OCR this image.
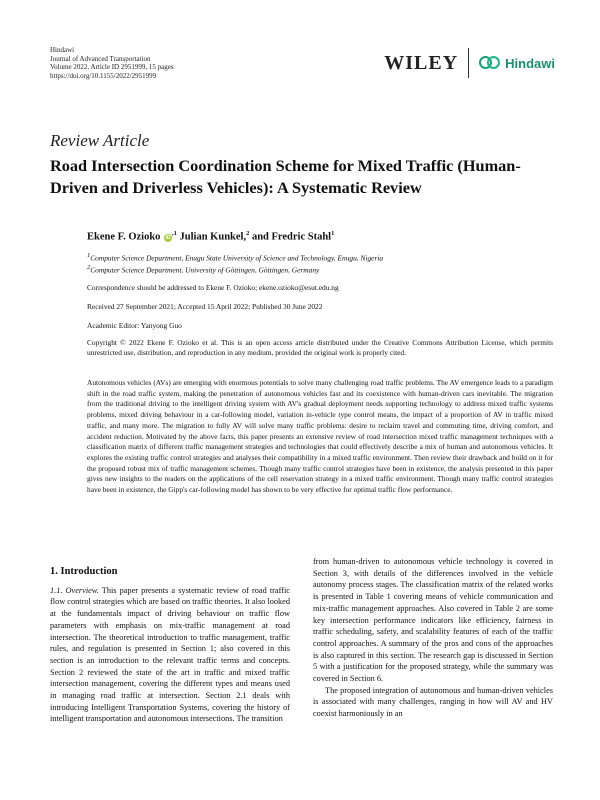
Hindawi
Journal of Advanced Transportation
Volume 2022, Article ID 2951999, 15 pages
https://doi.org/10.1155/2022/2951999
WILEY	Hindawi
Review Article
Road Intersection Coordination Scheme for Mixed Traffic (Human-Driven and Driverless Vehicles): A Systematic Review
Ekene F. Ozioko $iD^{,1}$ Julian Kunkel,$^2$ and Fredric Stahl$^1$
$^1$Computer Science Department, Enugu State University of Science and Technology, Enugu, Nigeria
$^2$Computer Science Department, University of Göttingen, Göttingen, Germany
Correspondence should be addressed to Ekene F. Ozioko; ekene.ozioko@esut.edu.ng
Received 27 September 2021; Accepted 15 April 2022; Published 30 June 2022
Academic Editor: Yanyong Guo
Copyright © 2022 Ekene F. Ozioko et al. This is an open access article distributed under the Creative Commons Attribution License, which permits unrestricted use, distribution, and reproduction in any medium, provided the original work is properly cited.
Autonomous vehicles (AVs) are emerging with enormous potentials to solve many challenging road traffic problems. The AV emergence leads to a paradigm shift in the road traffic system, making the penetration of autonomous vehicles fast and its coexistence with human-driven cars inevitable. The migration from the traditional driving to the intelligent driving system with AV's gradual deployment needs supporting technology to address mixed traffic systems problems, mixed driving behaviour in a car-following model, variation in-vehicle type control means, the impact of a proportion of AV in traffic mixed traffic, and many more. The migration to fully AV will solve many traffic problems: desire to reclaim travel and commuting time, driving comfort, and accident reduction. Motivated by the above facts, this paper presents an extensive review of road intersection mixed traffic management techniques with a classification matrix of different traffic management strategies and technologies that could effectively describe a mix of human and autonomous vehicles. It explores the existing traffic control strategies and analyses their compatibility in a mixed traffic environment. Then review their drawback and build on it for the proposed robust mix of traffic management schemes. Though many traffic control strategies have been in existence, the analysis presented in this paper gives new insights to the readers on the applications of the cell reservation strategy in a mixed traffic environment. Though many traffic control strategies have been in existence, the Gipp's car-following model has shown to be very effective for optimal traffic flow performance.
1. Introduction

1.1. Overview. This paper presents a systematic review of road traffic flow control strategies which are based on traffic theories. It also looked at the fundamentals impact of driving behaviour on traffic flow parameters with emphasis on mix-traffic management at road intersection. The theoretical introduction to traffic management, traffic rules, and regulation is presented in Section 1; also covered in this section is an introduction to the relevant traffic terms and concepts. Section 2 reviewed the state of the art in traffic and mixed traffic intersection management, covering the different types and means used in managing road traffic at intersection. Section 2.1 deals with introducing Intelligent Transportation Systems, covering the history of intelligent transportation and autonomous intersections. The transition

from human-driven to autonomous vehicle technology is covered in Section 3, with details of the differences involved in the vehicle autonomy process stages. The classification matrix of the related works is presented in Table 1 covering means of vehicle communication and mix-traffic management approaches. Also covered in Table 2 are some key intersection performance indicators like efficiency, fairness in traffic scheduling, safety, and scalability features of each of the traffic control approaches. A summary of the pros and cons of the approaches is also captured in this section. The research gap is discussed in Section 5 with a justification for the proposed strategy, while the summary was covered in Section 6.

The proposed integration of autonomous and human-driven vehicles is associated with many challenges, ranging in how will AV and HV coexist harmoniously in an
